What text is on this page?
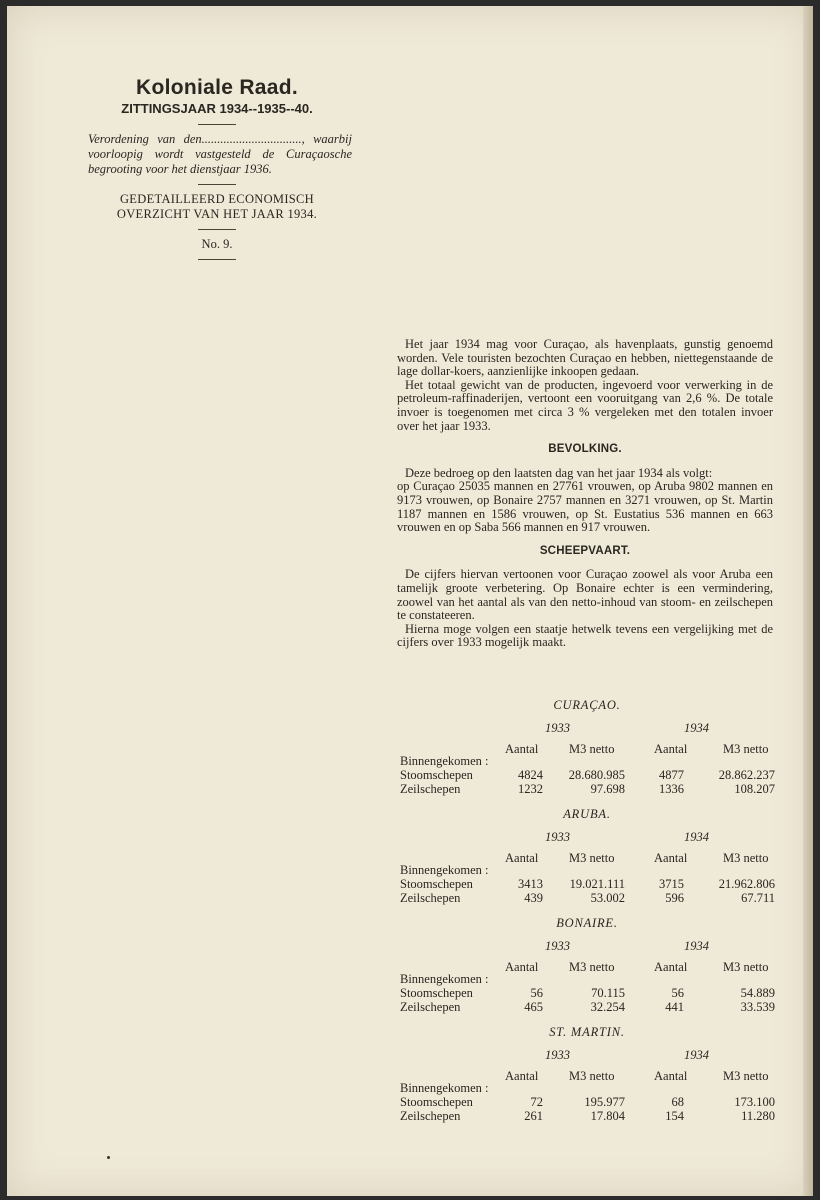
Koloniale Raad.
ZITTINGSJAAR 1934--1935--40.
Verordening van den................................, waarbij voorloopig wordt vastgesteld de Curaçaosche begrooting voor het dienstjaar 1936.
GEDETAILLEERD ECONOMISCH OVERZICHT VAN HET JAAR 1934.
No. 9.

Het jaar 1934 mag voor Curaçao, als havenplaats, gunstig genoemd worden. Vele touristen bezochten Curaçao en hebben, niettegenstaande de lage dollar-koers, aanzienlijke inkoopen gedaan.

Het totaal gewicht van de producten, ingevoerd voor verwerking in de petroleum-raffinaderijen, vertoont een vooruitgang van 2,6 %. De totale invoer is toegenomen met circa 3 % vergeleken met den totalen invoer over het jaar 1933.

BEVOLKING.

Deze bedroeg op den laatsten dag van het jaar 1934 als volgt:

op Curaçao 25035 mannen en 27761 vrouwen, op Aruba 9802 mannen en 9173 vrouwen, op Bonaire 2757 mannen en 3271 vrouwen, op St. Martin 1187 mannen en 1586 vrouwen, op St. Eustatius 536 mannen en 663 vrouwen en op Saba 566 mannen en 917 vrouwen.

SCHEEPVAART.

De cijfers hiervan vertoonen voor Curaçao zoowel als voor Aruba een tamelijk groote verbetering. Op Bonaire echter is een vermindering, zoowel van het aantal als van den netto-inhoud van stoom- en zeilschepen te constateeren.

Hierna moge volgen een staatje hetwelk tevens een vergelijking met de cijfers over 1933 mogelijk maakt.

CURAÇAO.
1933	1934
Aantal M3 netto	Aantal	M3 netto
Binnengekomen :
Stoomschepen	4824 28.680.985	4877	28.862.237
Zeilschepen	1232	97.698	1336	108.207
ARUBA.
1933	1934
Aantal M3 netto	Aantal	M3 netto
Binnengekomen :
Stoomschepen	3413 19.021.111	3715	21.962.806
Zeilschepen	439	53.002	596	67.711
BONAIRE.
1933	1934
Aantal M3 netto	Aantal	M3 netto
Binnengekomen :
Stoomschepen	56	70.115	56	54.889
Zeilschepen	465	32.254	441	33.539
ST. MARTIN.
1933	1934
Aantal M3 netto	Aantal	M3 netto
Binnengekomen :
Stoomschepen	72	195.977	68	173.100
Zeilschepen	261	17.804	154	11.280
